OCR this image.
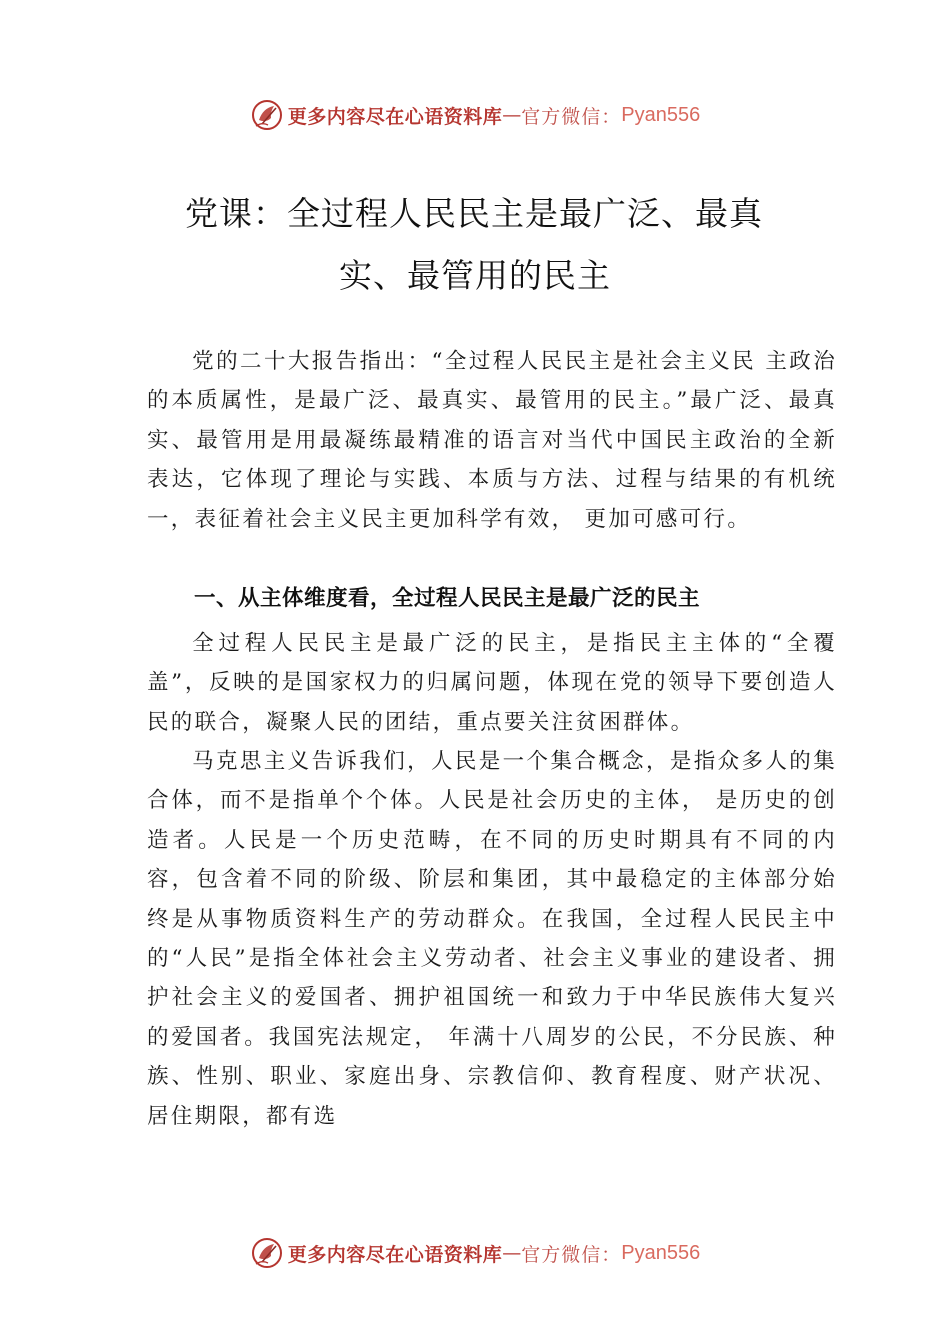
更多内容尽在心语资料库 — 官方微信： Pyan556
党课：全过程人民民主是最广泛、最真
实、最管用的民主

党的二十大报告指出：“全过程人民民主是社会主义民 主政治的本质属性，是最广泛、最真实、最管用的民主。”最广泛、最真实、最管用是用最凝练最精准的语言对当代中国民主政治的全新表达，它体现了理论与实践、本质与方法、过程与结果的有机统一，表征着社会主义民主更加科学有效， 更加可感可行。

一、从主体维度看，全过程人民民主是最广泛的民主

全过程人民民主是最广泛的民主，是指民主主体的“全覆盖”，反映的是国家权力的归属问题，体现在党的领导下要创造人民的联合，凝聚人民的团结，重点要关注贫困群体。

马克思主义告诉我们，人民是一个集合概念，是指众多人的集合体，而不是指单个个体。人民是社会历史的主体， 是历史的创造者。人民是一个历史范畴，在不同的历史时期具有不同的内容，包含着不同的阶级、阶层和集团，其中最稳定的主体部分始终是从事物质资料生产的劳动群众。在我国，全过程人民民主中的“人民”是指全体社会主义劳动者、社会主义事业的建设者、拥护社会主义的爱国者、拥护祖国统一和致力于中华民族伟大复兴的爱国者。我国宪法规定， 年满十八周岁的公民，不分民族、种族、性别、职业、家庭出身、宗教信仰、教育程度、财产状况、居住期限，都有选

更多内容尽在心语资料库 — 官方微信： Pyan556
